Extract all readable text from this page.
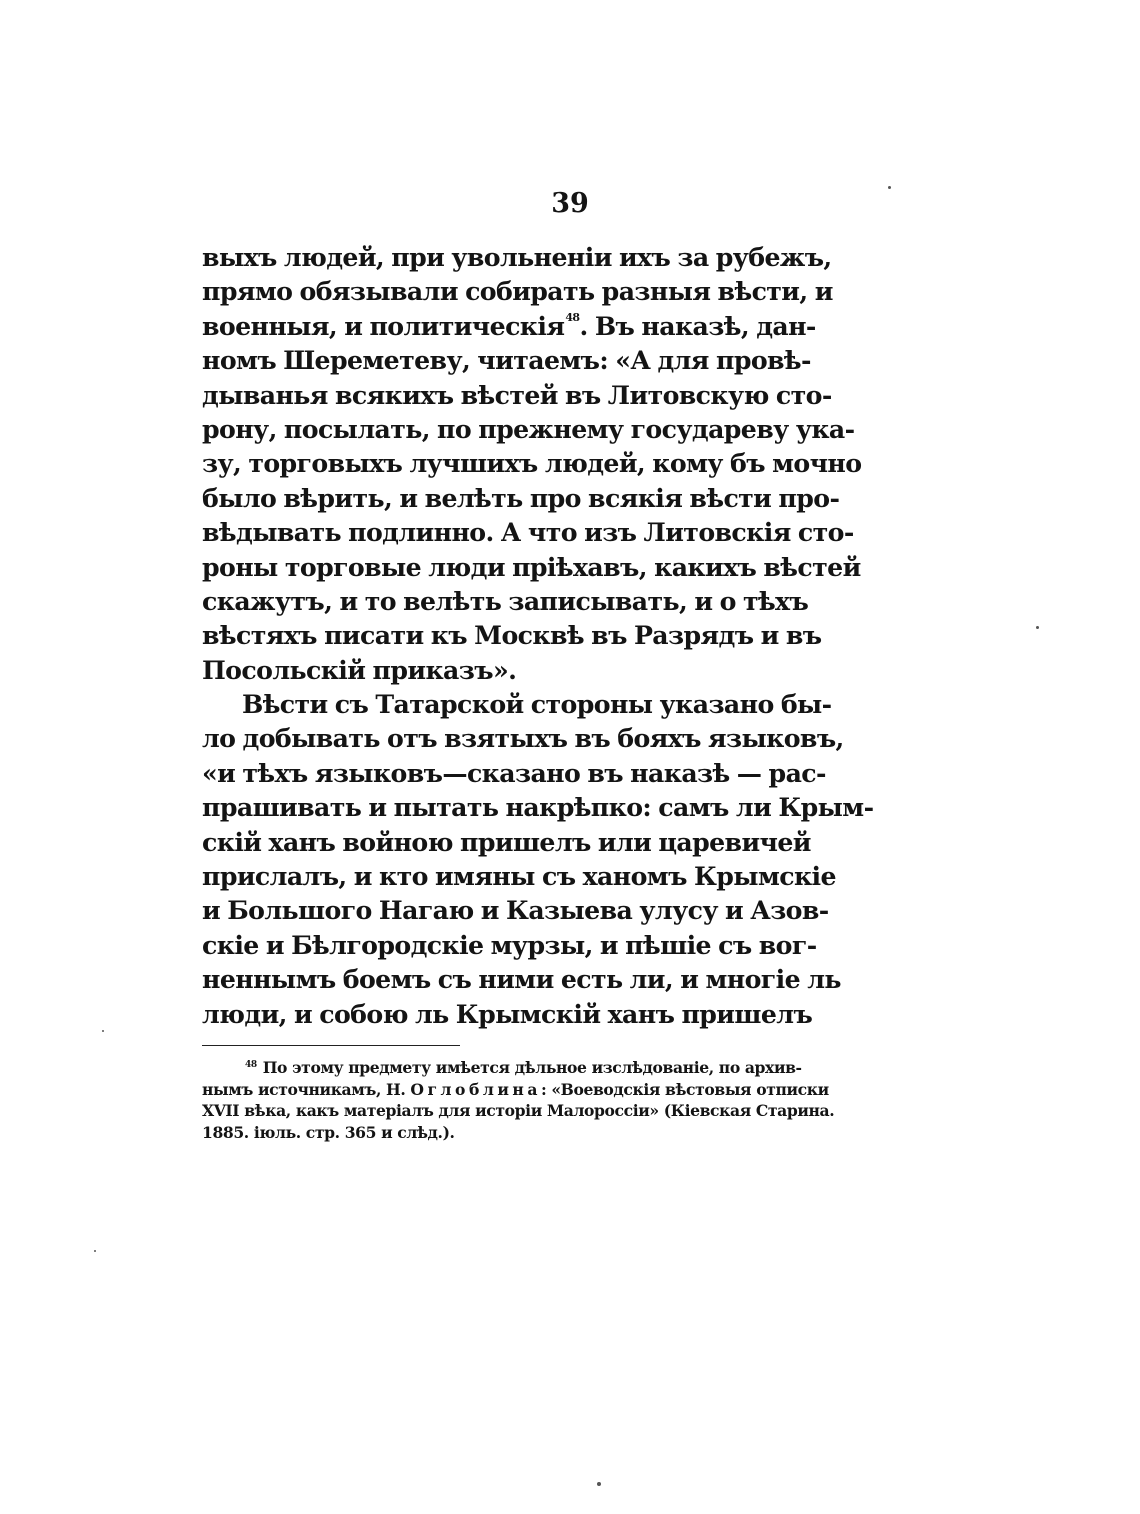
39
выхъ людей, при увольненіи ихъ за рубежъ,
прямо обязывали собирать разныя вѣсти, и
военныя, и политическія$^{48}$. Въ наказѣ, дан-
номъ Шереметеву, читаемъ: «А для провѣ-
дыванья всякихъ вѣстей въ Литовскую сто-
рону, посылать, по прежнему государеву ука-
зу, торговыхъ лучшихъ людей, кому бъ мочно
было вѣрить, и велѣть про всякія вѣсти про-
вѣдывать подлинно. А что изъ Литовскія сто-
роны торговые люди пріѣхавъ, какихъ вѣстей
скажутъ, и то велѣть записывать, и о тѣхъ
вѣстяхъ писати къ Москвѣ въ Разрядъ и въ
Посольскій приказъ».
Вѣсти съ Татарской стороны указано бы-
ло добывать отъ взятыхъ въ бояхъ языковъ,
«и тѣхъ языковъ—сказано въ наказѣ — рас-
прашивать и пытать накрѣпко: самъ ли Крым-
скій ханъ войною пришелъ или царевичей
прислалъ, и кто имяны съ ханомъ Крымскіе
и Большого Нагаю и Казыева улусу и Азов-
скіе и Бѣлгородскіе мурзы, и пѣшіе съ вог-
неннымъ боемъ съ ними есть ли, и многіе ль
люди, и собою ль Крымскій ханъ пришелъ
$^{48}$ По этому предмету имѣется дѣльное изслѣдованіе, по архив-
нымъ источникамъ, Н. Оглоблина: «Воеводскія вѣстовыя отписки
XVII вѣка, какъ матеріалъ для исторіи Малороссіи» (Кіевская Старина.
1885. іюль. стр. 365 и слѣд.).
